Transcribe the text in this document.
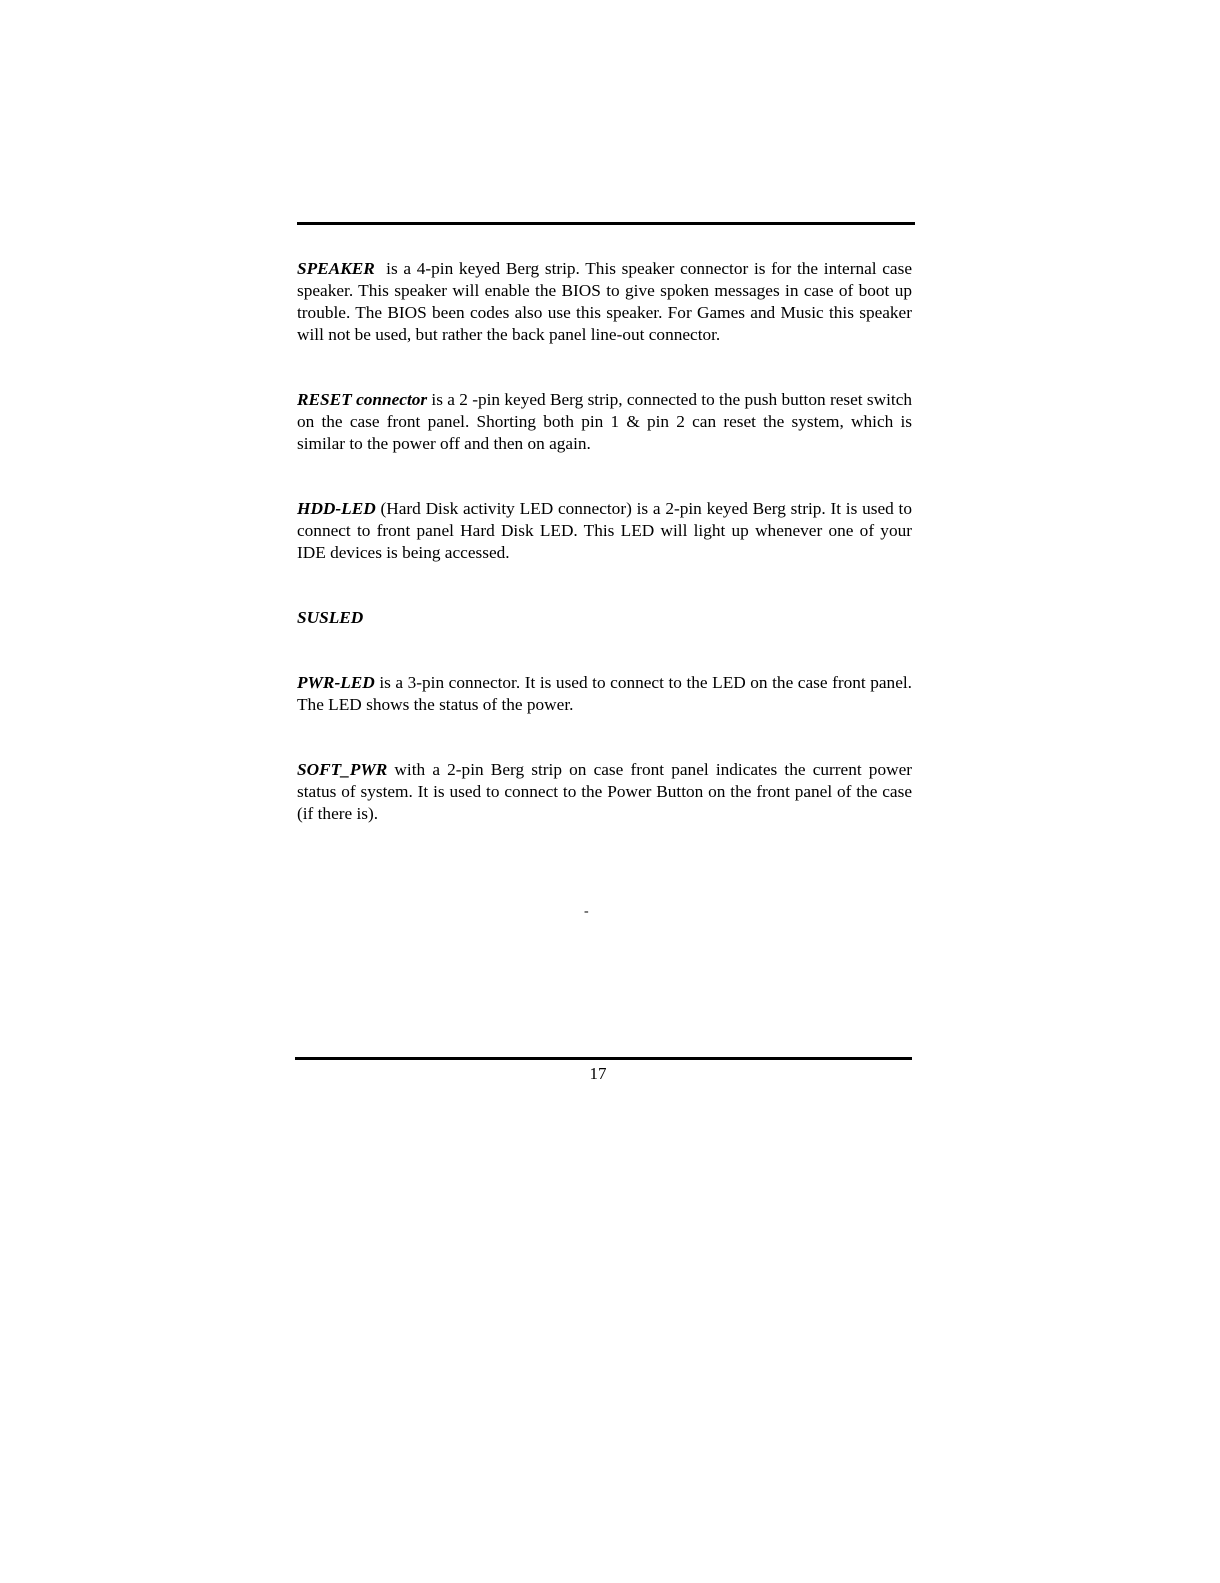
SPEAKER  is a 4-pin keyed Berg strip. This speaker connector is for the internal case speaker. This speaker will enable the BIOS to give spoken messages in case of boot up trouble. The BIOS been codes also use this speaker. For Games and Music this speaker will not be used, but rather the back panel line-out connector.

RESET connector is a 2 -pin keyed Berg strip, connected to the push button reset switch on the case front panel. Shorting both pin 1 & pin 2 can reset the system, which is similar to the power off and then on again.

HDD-LED (Hard Disk activity LED connector) is a 2-pin keyed Berg strip. It is used to connect to front panel Hard Disk LED. This LED will light up whenever one of your IDE devices is being accessed.

SUSLED

PWR-LED is a 3-pin connector. It is used to connect to the LED on the case front panel. The LED shows the status of the power.

SOFT_PWR with a 2-pin Berg strip on case front panel indicates the current power status of system. It is used to connect to the Power Button on the front panel of the case (if there is).

-
17
